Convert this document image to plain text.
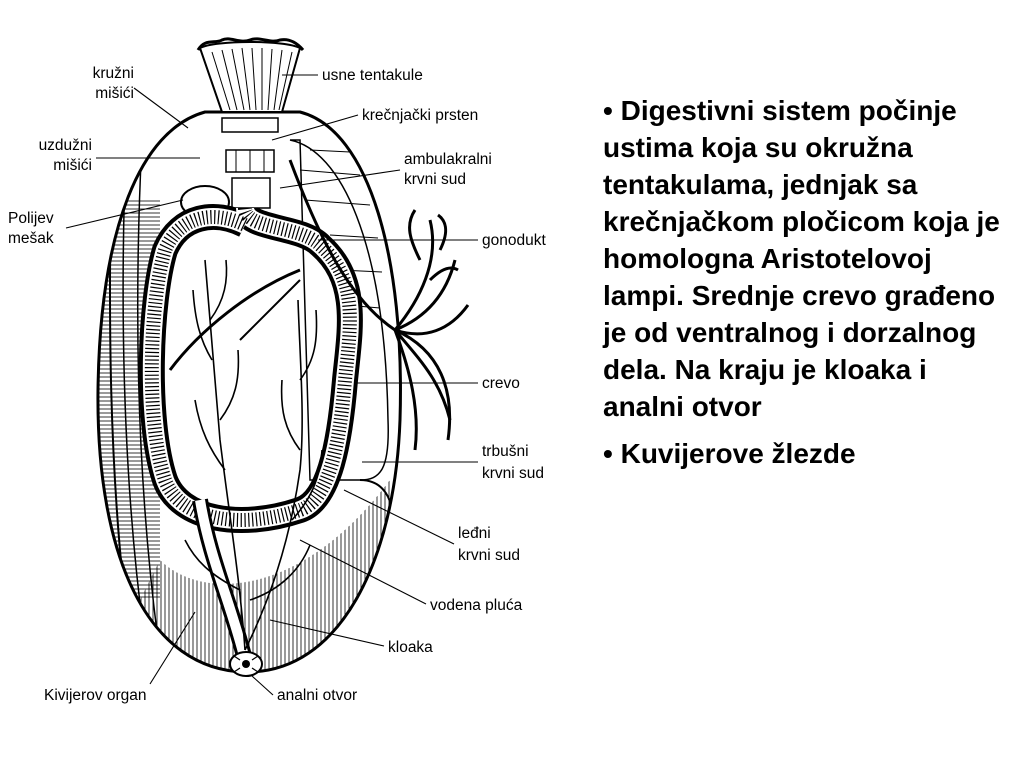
kružni
mišići
uzdužni
mišići
Polijev
mešak
Kivijerov organ
usne tentakule
krečnjački prsten
ambulakralni
krvni sud
gonodukt
crevo
trbušni
krvni sud
leđni
krvni sud
vodena pluća
kloaka
analni otvor
• Digestivni sistem počinje ustima koja su okružna tentakulama, jednjak sa krečnjačkom pločicom koja je homologna Aristotelovoj lampi. Srednje crevo građeno je od ventralnog i dorzalnog dela. Na kraju je kloaka i analni otvor
• Kuvijerove žlezde
